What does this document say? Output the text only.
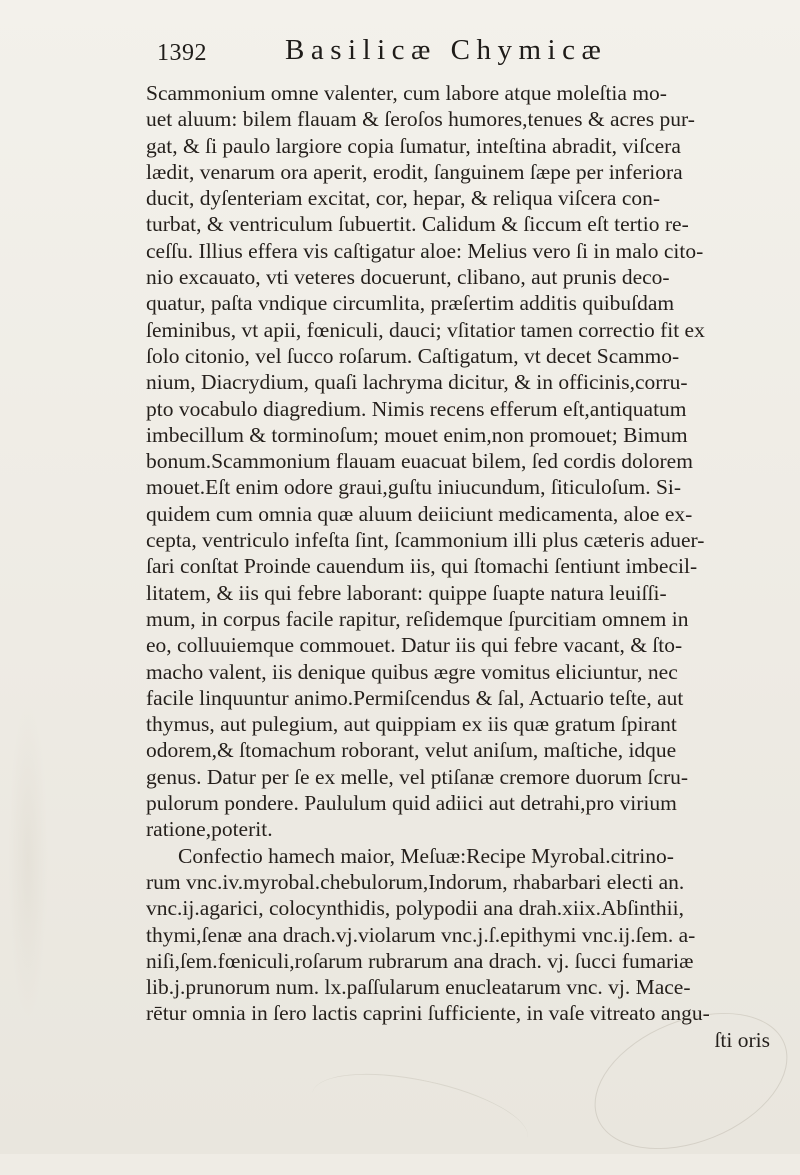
1392	Basilicæ Chymicæ
Scammonium omne valenter, cum labore atque moleſtia mo-
uet aluum: bilem flauam & ſeroſos humores,tenues & acres pur-
gat, & ſi paulo largiore copia ſumatur, inteſtina abradit, viſcera
lædit, venarum ora aperit, erodit, ſanguinem ſæpe per inferiora
ducit, dyſenteriam excitat, cor, hepar, & reliqua viſcera con-
turbat, & ventriculum ſubuertit. Calidum & ſiccum eſt tertio re-
ceſſu. Illius effera vis caſtigatur aloe: Melius vero ſi in malo cito-
nio excauato, vti veteres docuerunt, clibano, aut prunis deco-
quatur, paſta vndique circumlita, præſertim additis quibuſdam
ſeminibus, vt apii, fœniculi, dauci; vſitatior tamen correctio fit ex
ſolo citonio, vel ſucco roſarum. Caſtigatum, vt decet Scammo-
nium, Diacrydium, quaſi lachryma dicitur, & in officinis,corru-
pto vocabulo diagredium. Nimis recens efferum eſt,antiquatum
imbecillum & torminoſum; mouet enim,non promouet; Bimum
bonum.Scammonium flauam euacuat bilem, ſed cordis dolorem
mouet.Eſt enim odore graui,guſtu iniucundum, ſiticuloſum. Si-
quidem cum omnia quæ aluum deiiciunt medicamenta, aloe ex-
cepta, ventriculo infeſta ſint, ſcammonium illi plus cæteris aduer-
ſari conſtat Proinde cauendum iis, qui ſtomachi ſentiunt imbecil-
litatem, & iis qui febre laborant: quippe ſuapte natura leuiſſi-
mum, in corpus facile rapitur, reſidemque ſpurcitiam omnem in
eo, colluuiemque commouet. Datur iis qui febre vacant, & ſto-
macho valent, iis denique quibus ægre vomitus eliciuntur, nec
facile linquuntur animo.Permiſcendus & ſal, Actuario teſte, aut
thymus, aut pulegium, aut quippiam ex iis quæ gratum ſpirant
odorem,& ſtomachum roborant, velut aniſum, maſtiche, idque
genus. Datur per ſe ex melle, vel ptiſanæ cremore duorum ſcru-
pulorum pondere. Paululum quid adiici aut detrahi,pro virium
ratione,poterit.
Confectio hamech maior, Meſuæ:Recipe Myrobal.citrino-
rum vnc.iv.myrobal.chebulorum,Indorum, rhabarbari electi an.
vnc.ij.agarici, colocynthidis, polypodii ana drah.xiix.Abſinthii,
thymi,ſenæ ana drach.vj.violarum vnc.j.ſ.epithymi vnc.ij.ſem. a-
niſi,ſem.fœniculi,roſarum rubrarum ana drach. vj. ſucci fumariæ
lib.j.prunorum num. lx.paſſularum enucleatarum vnc. vj. Mace-
rētur omnia in ſero lactis caprini ſufficiente, in vaſe vitreato angu-
ſti oris
